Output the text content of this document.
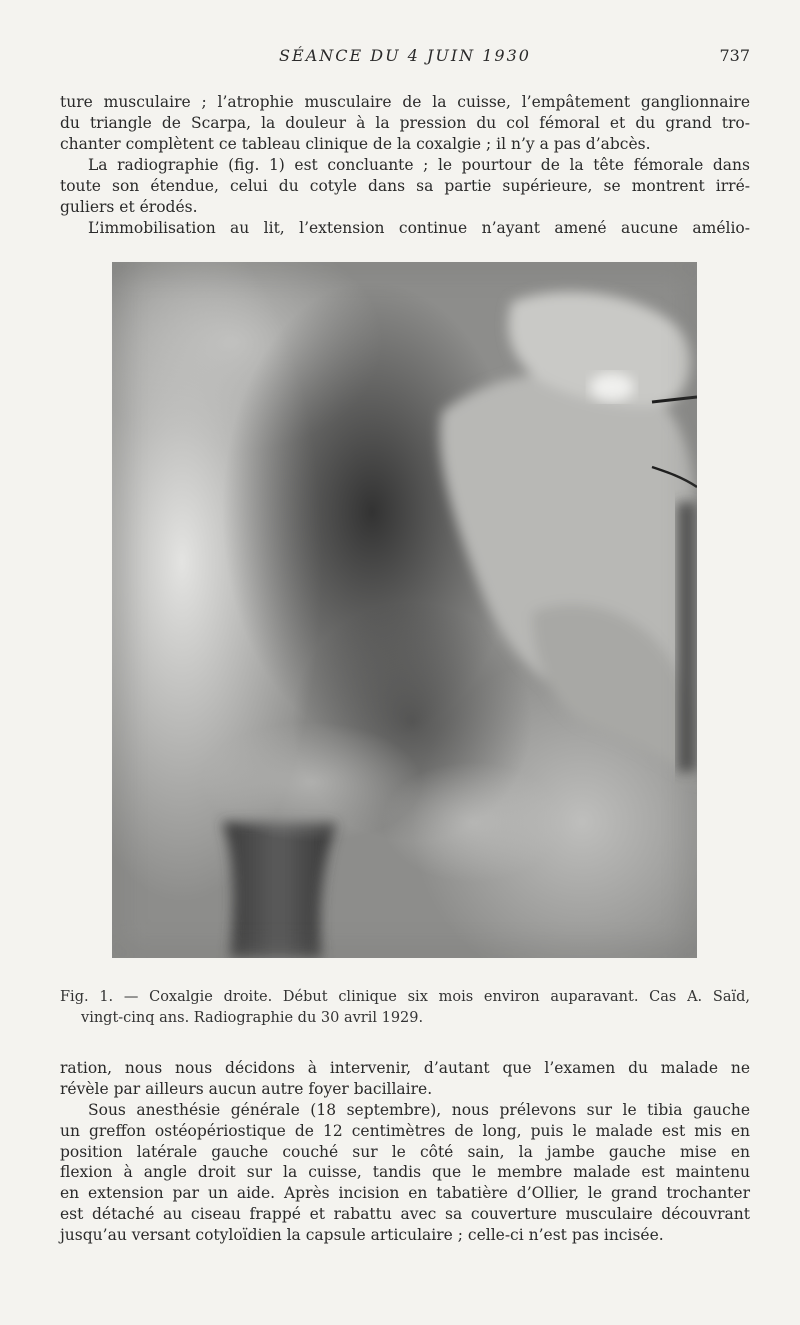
SÉANCE DU 4 JUIN 1930	737
ture musculaire ; l’atrophie musculaire de la cuisse, l’empâtement ganglionnaire
du triangle de Scarpa, la douleur à la pression du col fémoral et du grand tro-
chanter complètent ce tableau clinique de la coxalgie ; il n’y a pas d’abcès.
La radiographie (fig. 1) est concluante ; le pourtour de la tête fémorale dans
toute son étendue, celui du cotyle dans sa partie supérieure, se montrent irré-
guliers et érodés.
L’immobilisation au lit, l’extension continue n’ayant amené aucune amélio-
Fig. 1. — Coxalgie droite. Début clinique six mois environ auparavant. Cas A. Saïd,
vingt-cinq ans. Radiographie du 30 avril 1929.
ration, nous nous décidons à intervenir, d’autant que l’examen du malade ne
révèle par ailleurs aucun autre foyer bacillaire.
Sous anesthésie générale (18 septembre), nous prélevons sur le tibia gauche
un greffon ostéopériostique de 12 centimètres de long, puis le malade est mis en
position latérale gauche couché sur le côté sain, la jambe gauche mise en
flexion à angle droit sur la cuisse, tandis que le membre malade est maintenu
en extension par un aide. Après incision en tabatière d’Ollier, le grand trochanter
est détaché au ciseau frappé et rabattu avec sa couverture musculaire découvrant
jusqu’au versant cotyloïdien la capsule articulaire ; celle-ci n’est pas incisée.
